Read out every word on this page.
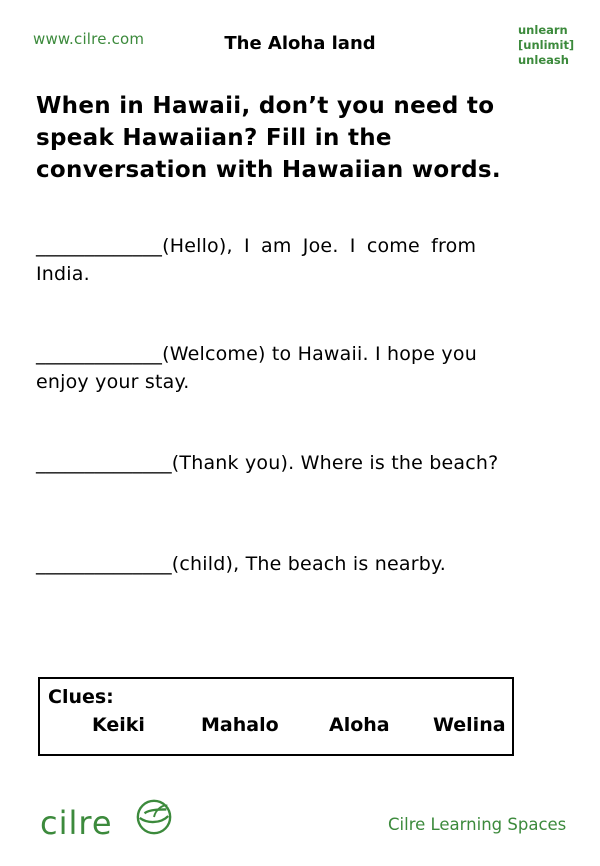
www.cilre.com	The Aloha land
unlearn
[unlimit]
unleash
When in Hawaii, don’t you need to speak Hawaiian? Fill in the conversation with Hawaiian words.
_____________(Hello), I am Joe. I come from India.
_____________(Welcome) to Hawaii. I hope you enjoy your stay.
______________(Thank you). Where is the beach?
______________(child), The beach is nearby.
Clues:
Keiki	Mahalo	Aloha Welina
cilre	Cilre Learning Spaces
